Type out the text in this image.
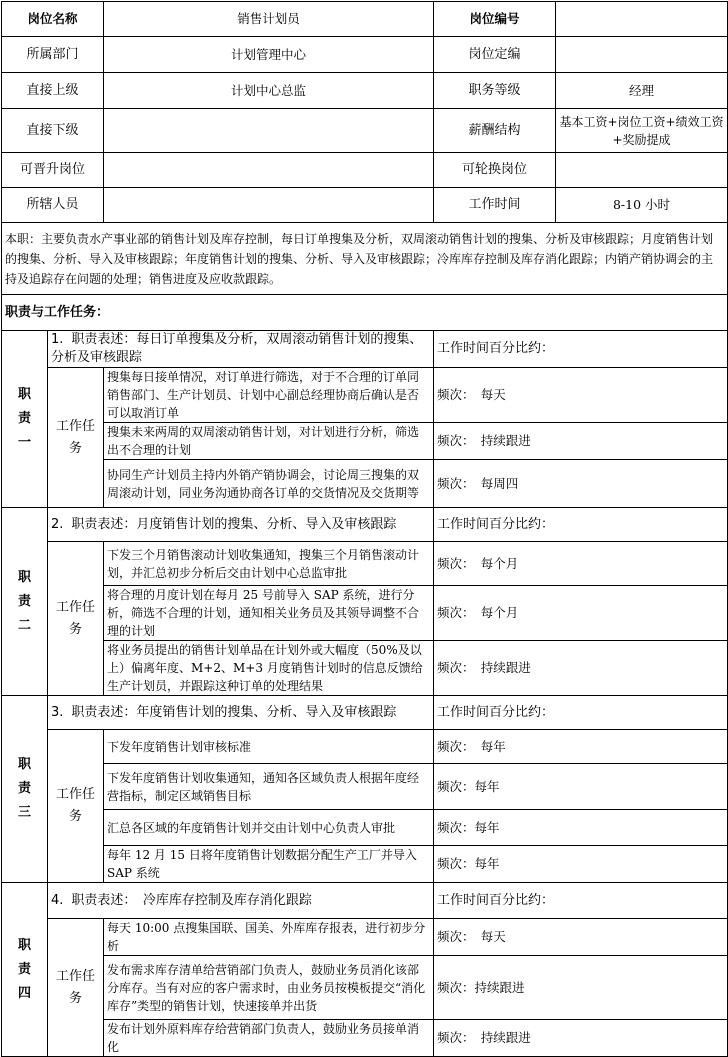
岗位名称		销售计划员	岗位编号	
所属部门		计划管理中心	岗位定编	
直接上级		计划中心总监	职务等级	经理
直接下级			薪酬结构	基本工资+岗位工资+绩效工资+奖励提成
可晋升岗位			可轮换岗位	
所辖人员			工作时间	8-10 小时
本职：主要负责水产事业部的销售计划及库存控制，每日订单搜集及分析，双周滚动销售计划的搜集、分析及审核跟踪；月度销售计划的搜集、分析、导入及审核跟踪；年度销售计划的搜集、分析、导入及审核跟踪；冷库库存控制及库存消化跟踪；内销产销协调会的主持及追踪存在问题的处理；销售进度及应收款跟踪。				
职责与工作任务：				

职
责
一	1. 职责表述：每日订单搜集及分析，双周滚动销售计划的搜集、分析及审核跟踪		工作时间百分比约：	
	工作任务	搜集每日接单情况，对订单进行筛选，对于不合理的订单同销售部门、生产计划员、计划中心副总经理协商后确认是否可以取消订单	频次：　每天	
		搜集未来两周的双周滚动销售计划，对计划进行分析，筛选出不合理的计划	频次：　持续跟进	
		协同生产计划员主持内外销产销协调会，讨论周三搜集的双周滚动计划，同业务沟通协商各订单的交货情况及交货期等	频次：　每周四	

职
责
二	2. 职责表述：月度销售计划的搜集、分析、导入及审核跟踪		工作时间百分比约：	
	工作任务	下发三个月销售滚动计划收集通知，搜集三个月销售滚动计划，并汇总初步分析后交由计划中心总监审批	频次：　每个月	
		将合理的月度计划在每月 25 号前导入 SAP 系统，进行分析，筛选不合理的计划，通知相关业务员及其领导调整不合理的计划	频次：　每个月	
		将业务员提出的销售计划单品在计划外或大幅度（50%及以上）偏离年度、M+2、M+3 月度销售计划时的信息反馈给生产计划员，并跟踪这种订单的处理结果	频次：　持续跟进	

职
责
三	3. 职责表述：年度销售计划的搜集、分析、导入及审核跟踪		工作时间百分比约：	
	工作任务	下发年度销售计划审核标准	频次：　每年	
		下发年度销售计划收集通知，通知各区域负责人根据年度经营指标，制定区域销售目标	频次：每年	
		汇总各区域的年度销售计划并交由计划中心负责人审批	频次：每年	
		每年 12 月 15 日将年度销售计划数据分配生产工厂并导入 SAP 系统	频次：每年	

职
责
四	4. 职责表述：　冷库库存控制及库存消化跟踪		工作时间百分比约：	
	工作任务	每天 10:00 点搜集国联、国美、外库库存报表，进行初步分析	频次：　每天	
		发布需求库存清单给营销部门负责人，鼓励业务员消化该部分库存。当有对应的客户需求时，由业务员按模板提交“消化库存”类型的销售计划，快速接单并出货	频次：持续跟进	
		发布计划外原料库存给营销部门负责人，鼓励业务员接单消化	频次：　持续跟进	
